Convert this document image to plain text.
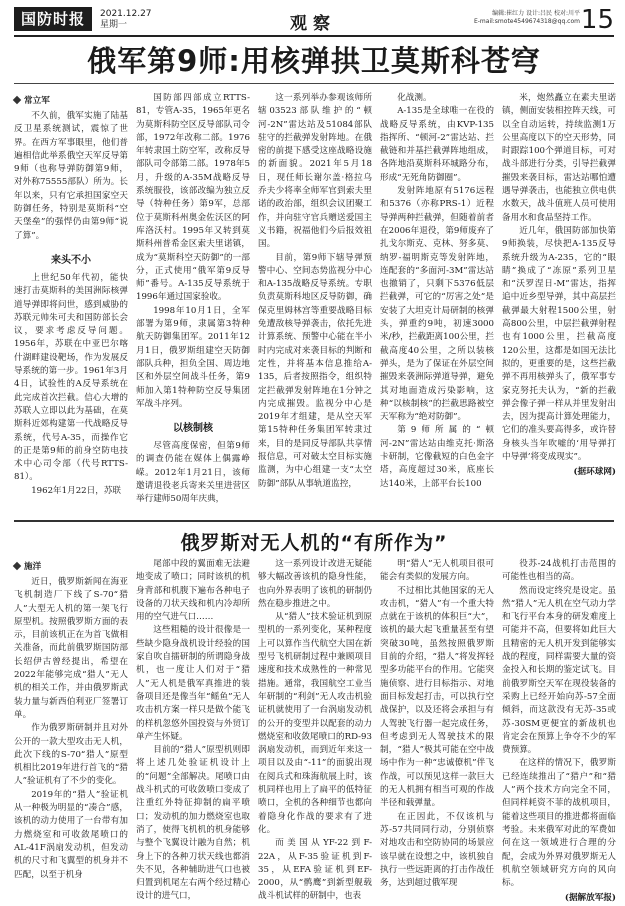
国防时报	2021.12.27
星期一	观察
编辑:崔红力 设计:吕民 校对:川平
E-mail:smote4549674318@qq.com 15
俄军第9师:用核弹拱卫莫斯科苍穹
常立军

不久前，俄军实施了陆基反卫星系统测试，震惊了世界。在西方军事眼里，他们普遍相信此举系俄空天军反导第9师（也称导弹防御第9师，对外称75555部队）所为。长年以来，只有它承担国家空天防御任务，特别是莫斯科“空天堡垒”的强悍仍由第9师“说了算”。

来头不小

上世纪50年代初，能快速打击莫斯科的美国洲际核弹道导弹即将问世，感到威胁的苏联元帅朱可夫和国防部长会议，要求考虑反导问题。1956年，苏联在中亚巴尔喀什湖畔建设靶场，作为发展反导系统的第一步。1961年3月4日，试验性的A反导系统在此完成首次拦截。信心大增的苏联人立即以此为基础，在莫斯科近郊构建第一代战略反导系统，代号A-35，而操作它的正是第9师的前身空防电技术中心司令部（代号RTTS-81）。

1962年1月22日，苏联

国防部四部成立RTTS-81，专管A-35，1965年更名为莫斯科防空区反导部队司令部，1972年改称二部。1976年转隶国土防空军，改称反导部队司令部第二部。1978年5月，升级的A-35M战略反导系统服役，该部改编为独立反导（特种任务）第9军，总部位于莫斯科州奥金佐沃区的阿库洛沃村。1995年又转到莫斯科州普希金区索夫里诺镇，成为“莫斯科空天防御”的一部分，正式使用“俄军第9反导师”番号。A-135反导系统于1996年通过国家验收。

1998年10月1日，全军部署为第9师，隶属第3特种航天防御集团军。2011年12月1日，俄罗斯组建空天防御部队兵种，担负全国、周边地区和外层空间战斗任务，第9师加入第1特种防空反导集团军战斗序列。

以核制核

尽管高度保密，但第9师的调查仍能在媒体上偶露峥嵘。2012年1月21日，该师邀请退役老兵寄来关里进营区举行建师50周年庆典，

这一系列举办参观该师所辖03523部队维护的“顿河-2N”雷达站及51084部队驻守的拦截弹发射阵地。在俄密的前提下感受这座战略设施的新面貌。2021年5月18日，现任师长谢尔盖·格拉乌乔夫少将率全师军官到索夫里诺的政治部，组织会议团聚工作，并向驻守官兵赠送爱国主义书籍，祝福他们今后报效祖国。

目前，第9师下辖导弹预警中心、空间态势监视分中心和A-135战略反导系统。专职负责莫斯科地区反导防御，确保克里姆林宫等重要战略目标免遭敌核导弹袭击，依托先进计算系统、预警中心能在半小时内完成对来袭目标的判断和定性，并将基本信息推给A-135，后者按照指令，组织特定拦截弹发射阵地在1分钟之内完成摧毁。监视分中心是2019年才组建，是从空天军第15特种任务集团军转隶过来，目的是同反导部队共享情报信息，可对破太空目标实施监测，为中心组建一支“太空防御”部队从事轨道监控，

化战测。

A-135是全球唯一在役的战略反导系统，由KVP-135指挥所、“顿河-2”雷达站、拦截链和并基拦截弹阵地组成，各阵地沿莫斯科环城路分布，形成“无死角防御圈”。

发射阵地原有5176远程和5376（亦称PRS-1）近程导弹两种拦截弹，但随着前者在2006年退役，第9师废弃了扎戈尔斯克、克林、努多莫、纳罗-福明斯克等发射阵地，连配套的“多面河-3M”雷达站也撤销了，只剩下5376低层拦截弹，可它的“厉害之处”是安装了大坦克计局研制的核弹头，弹重约9吨，初速3000米/秒，拦截距离100公里，拦截高度40公里，之所以装核弹头，是为了保证在外层空间摧毁来袭洲际弹道导弹，避免其对地面造成污染影响，这种“以核制核”的拦截思路被空天军称为“绝对防御”。

第9师所属的“顿河-2N”雷达站由维克托·斯洛卡研制，它像截短的白色金字塔，高度超过30米，底座长达140米，上部平台长100

米，炮然矗立在素夫里诺镇，侧面安装相控阵天线，可以全自动运转，持续监测1万公里高度以下的空天形势，同时跟踪100个弹道目标，可对战斗部进行分类，引导拦截弹摧毁来袭目标，雷达站哪怕遭遇导弹袭击，也能独立供电供水数天，战斗值班人员可使用备用水和食品坚持工作。

近几年，俄国防部加快第9师换装，尽快把A-135反导系统升级为A-235，它的“眼睛”换成了“冻原”系列卫星和“沃罗涅日-M”雷达，指挥追中近乡型导弹，其中高层拦截弹最大射程1500公里，射高800公里，中层拦截弹射程也有1000公里，拦截高度120公里，这都是如国无法比拟的，更重要的是，这些拦截弹不再用核弹头了，俄军事专家克努托夫认为，“新的拦截弹会像子弹一样从并里发射出去，因为提高计算处理能力，它们的准头要高得多，或许替身核头当年吹嘘的‘用导弹打中导弹’将变成现实”。

(据环球网)
俄罗斯对无人机的“有所作为”
施洋

近日，俄罗斯新闻在海亚飞机制造厂下线了S-70“猎人”大型无人机的第一架飞行原型机。按照俄罗斯方面的表示，目前该机正在为首飞做相关准备，而此前俄罗斯国防部长绍伊古曾经提出，希望在2022年能够完成“猎人”无人机的相关工作，并由俄罗斯武装力量与新西伯利亚厂签署订单。

作为俄罗斯研制并且对外公开的一款大型攻击无人机，此次下线的S-70“猎人”原型机相比2019年进行首飞的“猎人”验证机有了不少的变化。

2019年的“猎人”验证机从一种极为明显的“凑合”感，该机的动力使用了一台带有加力燃烧室和可收敛尾喷口的AL-41F涡扇发动机，但发动机的尺寸和飞翼型的机身并不匹配，以至于机身

尾部中段的翼面难无法避地变成了喷口；同时该机的机身背部和机腹下遍布各种电子设备的刀状天线和机内冷却所用的空气进气口……

这些粗糙的设计很像是一些缺少隐身战机设计经验的国家自吹自擂研制的所谓隐身战机，也一度让人们对于“猎人”无人机是俄军真推进的装备项目还是像当年“鳐鱼”无人攻击机方案一样只是做个能飞的样机忽悠外国投资与外贸订单产生怀疑。

目前的“猎人”原型机则即将上述几处验证机设计上的“问题”全部解决。尾喷口由战斗机式的可收敛喷口变成了注重红外特征抑制的扁平喷口；发动机的加力燃烧室也取消了，使得飞机机的机身能够与整个飞翼设计融为自然；机身上下的各种刀状天线也都消失不见，各种辅助进气口也被归置到机尾左右两个经过精心设计的进气口，

这一系列设计改进无疑能够大幅改善该机的隐身性能，也向外界表明了该机的研制仍然在稳步推进之中。

从“猎人”技术验证机到原型机的一系列变化，某种程度上可以算作当代航空大国在新型号飞机研制过程中兼顾项目速度和技术成熟性的一种常见措施。通常，我国航空工业当年研制的“利剑”无人攻击机验证机就使用了一台涡扇发动机的公开的变型并以配套的动力燃烧室和收敛尾喷口的RD-93涡扇发动机，而到近年来这一项目以及由“-11”的面貌出现在阅兵式和珠海航展上时，该机同样也用上了扁平的低特征喷口，全机的各种细节也都向着隐身化作战的要求有了进化。

而美国从YF-22到F-22A，从F-35验证机到F-35，从EFA验证机到EF-2000，从“鹘鹰”到新型舰载战斗机试样的研制中，也表

明“猎人”无人机项目很可能会有类似的发展方向。

不过相比其他国家的无人攻击机，“猎人”有一个重大特点就在于该机的体积巨“大”，该机的最大起飞重量甚至有望突破30吨，虽然按照俄罗斯目前的介绍，“猎人”将发挥轻型多功能平台的作用。它能突施侦察、进行目标指示、对地面目标发起打击，可以执行空战保护，以及还将会承担与有人驾驶飞行器一起完成任务，但考虑到无人驾驶技术的限制，“猎人”极其可能在空中战场中作为一种“忠诚僚机”伴飞作战，可以预见这样一款巨大的无人机拥有相当可观的作战半径和载弹量。

在正因此，不仅该机与苏-57共同同行动，分别侦察对地攻击和空防协同的场景应该早就在设想之中，该机独自执行一些远距离的打击作战任务，达到超过俄军现

役苏-24战机打击范围的可能性也相当的高。

然而设定终究是设定。虽然“猎人”无人机在空气动力学和飞行平台本身的研发难度上可能并不高，但要将如此巨大且精密的无人机开发到能够实战的程度，同样需要大量的资金投入和长期的鉴定试飞。目前俄罗斯空天军在现役装备的采购上已经开始向苏-57全面倾斜，而这款没有无苏-35或苏-30SM更便宜的新战机也肯定会在预算上争夺不少的军费预算。

在这样的情况下，俄罗斯已经连续推出了“猎户”和“猎人”两个技术方向完全不同，但同样耗资不菲的战机项目，能着这些项目的推进都将面临考验。未来俄军对此的军费如何在这一领域进行合理的分配，会成为外界对俄罗斯无人机航空领域研究方向的风向标。

(据解放军报)
